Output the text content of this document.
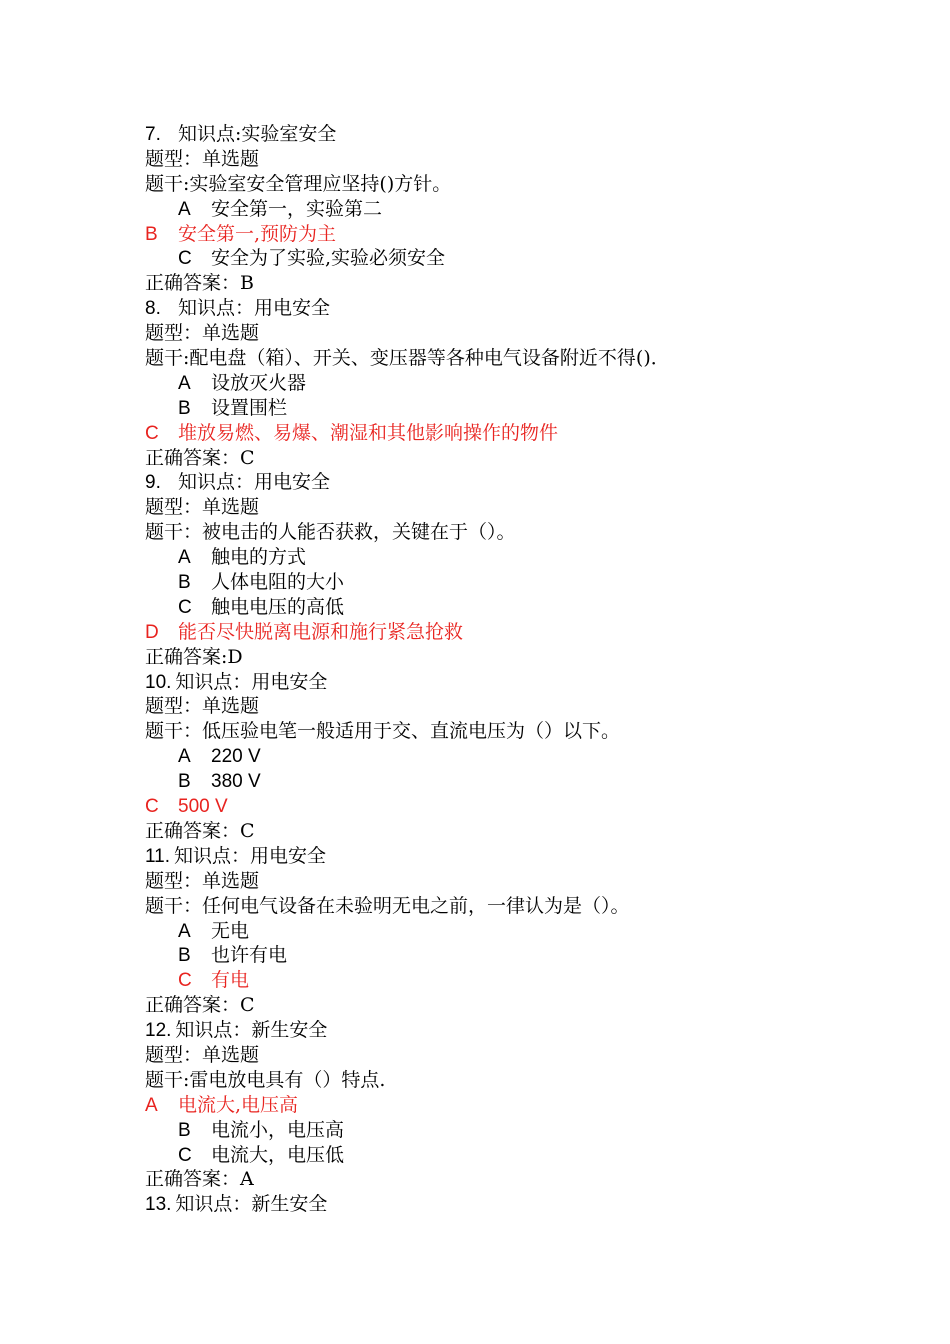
7. 知识点:实验室安全
题型：单选题
题干:实验室安全管理应坚持()方针。
A 安全第一，实验第二
B 安全第一,预防为主
C 安全为了实验,实验必须安全
正确答案：B
8. 知识点：用电安全
题型：单选题
题干:配电盘（箱）、开关、变压器等各种电气设备附近不得()．
A 设放灭火器
B 设置围栏
C 堆放易燃、易爆、潮湿和其他影响操作的物件
正确答案：C
9. 知识点：用电安全
题型：单选题
题干：被电击的人能否获救，关键在于（）。
A 触电的方式
B 人体电阻的大小
C 触电电压的高低
D 能否尽快脱离电源和施行紧急抢救
正确答案:D
10. 知识点：用电安全
题型：单选题
题干：低压验电笔一般适用于交、直流电压为（）以下。
A 220 V
B 380 V
C 500 V
正确答案：C
11. 知识点：用电安全
题型：单选题
题干：任何电气设备在未验明无电之前，一律认为是（）。
A 无电
B 也许有电
C 有电
正确答案：C
12. 知识点：新生安全
题型：单选题
题干:雷电放电具有（）特点.
A 电流大,电压高
B 电流小，电压高
C 电流大，电压低
正确答案：A
13. 知识点：新生安全
